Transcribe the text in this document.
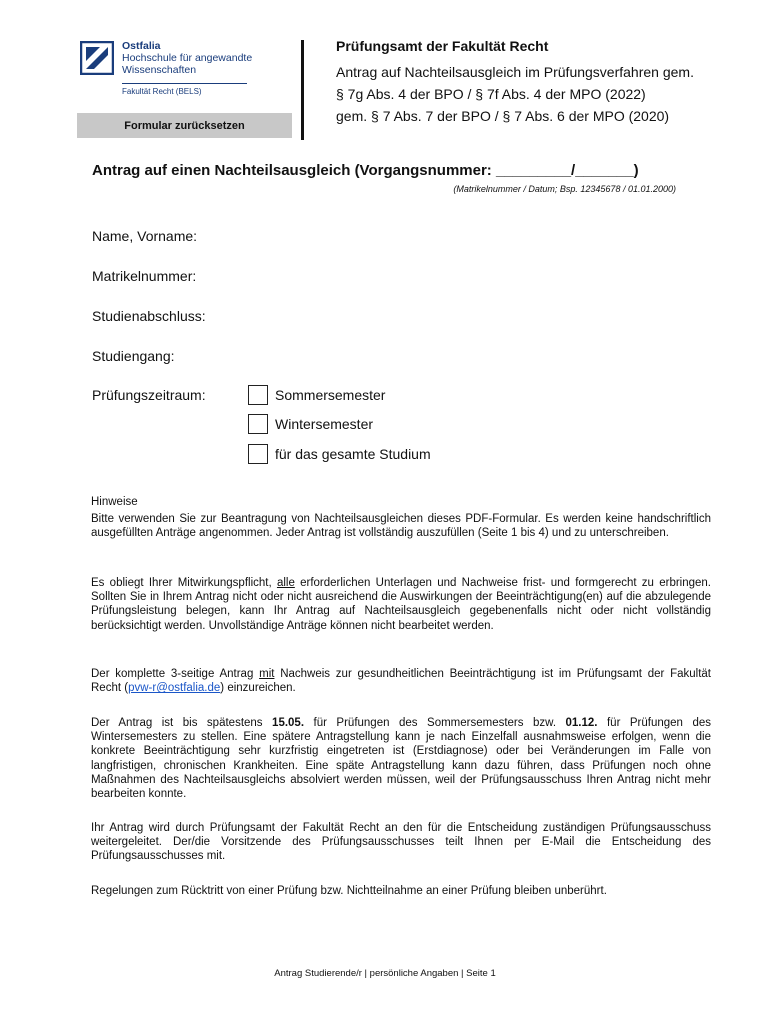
Ostfalia
Hochschule für angewandte
Wissenschaften
Fakultät Recht (BELS)
Formular zurücksetzen
Prüfungsamt der Fakultät Recht
Antrag auf Nachteilsausgleich im Prüfungsverfahren gem.
§ 7g Abs. 4 der BPO / § 7f Abs. 4 der MPO (2022)
gem. § 7 Abs. 7 der BPO / § 7 Abs. 6 der MPO (2020)
Antrag auf einen Nachteilsausgleich (Vorgangsnummer: _________/_______)
(Matrikelnummer / Datum; Bsp. 12345678 / 01.01.2000)
Name, Vorname:
Matrikelnummer:
Studienabschluss:
Studiengang:
Prüfungszeitraum:	Sommersemester
Wintersemester
für das gesamte Studium
Hinweise
Bitte verwenden Sie zur Beantragung von Nachteilsausgleichen dieses PDF-Formular. Es werden keine handschriftlich ausgefüllten Anträge angenommen. Jeder Antrag ist vollständig auszufüllen (Seite 1 bis 4) und zu unterschreiben.
Es obliegt Ihrer Mitwirkungspflicht, alle erforderlichen Unterlagen und Nachweise frist- und formgerecht zu erbringen. Sollten Sie in Ihrem Antrag nicht oder nicht ausreichend die Auswirkungen der Beeinträchtigung(en) auf die abzulegende Prüfungsleistung belegen, kann Ihr Antrag auf Nachteilsausgleich gegebenenfalls nicht oder nicht vollständig berücksichtigt werden. Unvollständige Anträge können nicht bearbeitet werden.
Der komplette 3-seitige Antrag mit Nachweis zur gesundheitlichen Beeinträchtigung ist im Prüfungsamt der Fakultät Recht (pvw-r@ostfalia.de) einzureichen.
Der Antrag ist bis spätestens 15.05. für Prüfungen des Sommersemesters bzw. 01.12. für Prüfungen des Wintersemesters zu stellen. Eine spätere Antragstellung kann je nach Einzelfall ausnahmsweise erfolgen, wenn die konkrete Beeinträchtigung sehr kurzfristig eingetreten ist (Erstdiagnose) oder bei Veränderungen im Falle von langfristigen, chronischen Krankheiten. Eine späte Antragstellung kann dazu führen, dass Prüfungen noch ohne Maßnahmen des Nachteilsausgleichs absolviert werden müssen, weil der Prüfungsausschuss Ihren Antrag nicht mehr bearbeiten konnte.
Ihr Antrag wird durch Prüfungsamt der Fakultät Recht an den für die Entscheidung zuständigen Prüfungsausschuss weitergeleitet. Der/die Vorsitzende des Prüfungsausschusses teilt Ihnen per E-Mail die Entscheidung des Prüfungsausschusses mit.
Regelungen zum Rücktritt von einer Prüfung bzw. Nichtteilnahme an einer Prüfung bleiben unberührt.
Antrag Studierende/r | persönliche Angaben | Seite 1
